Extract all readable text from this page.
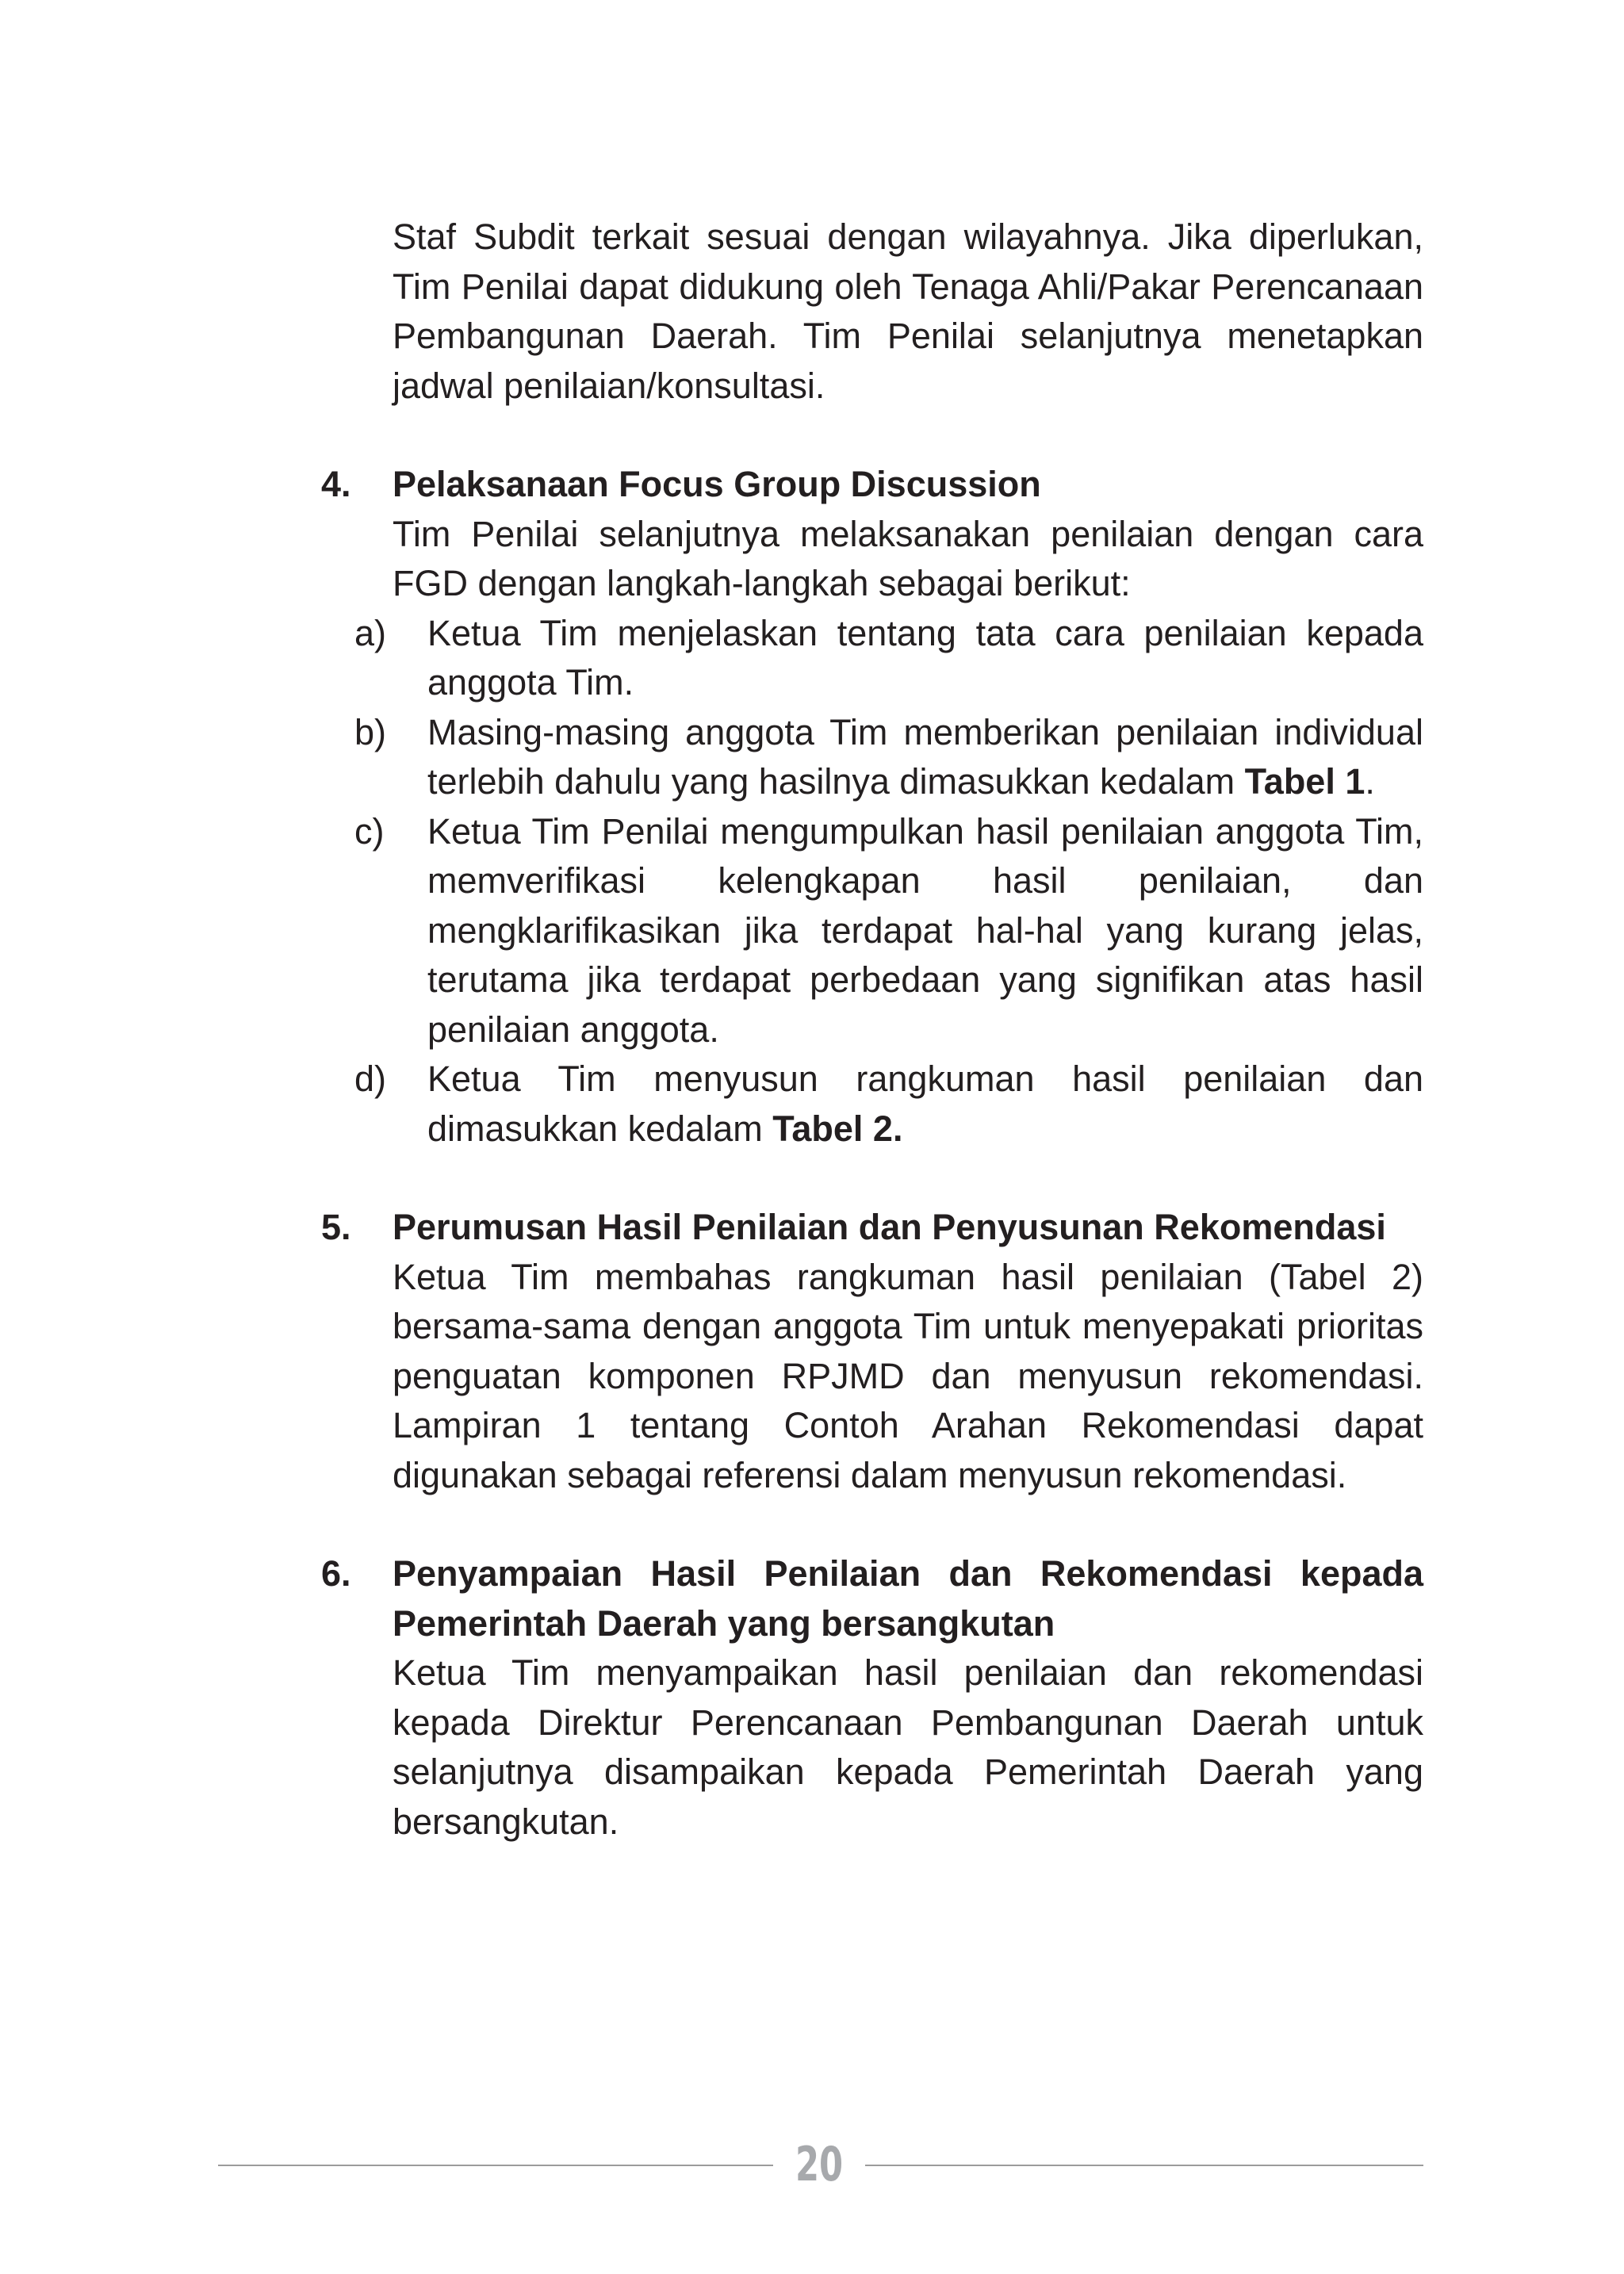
Staf Subdit terkait sesuai dengan wilayahnya. Jika diperlukan, Tim Penilai dapat didukung oleh Tenaga Ahli/Pakar Perencanaan Pembangunan Daerah. Tim Penilai selanjutnya menetapkan jadwal penilaian/konsultasi.

4. Pelaksanaan Focus Group Discussion
Tim Penilai selanjutnya melaksanakan penilaian dengan cara FGD dengan langkah-langkah sebagai berikut:
a) Ketua Tim menjelaskan tentang tata cara penilaian kepada anggota Tim.
b) Masing-masing anggota Tim memberikan penilaian individual terlebih dahulu yang hasilnya dimasukkan kedalam Tabel 1.
c) Ketua Tim Penilai mengumpulkan hasil penilaian anggota Tim, memverifikasi kelengkapan hasil penilaian, dan mengklarifikasikan jika terdapat hal-hal yang kurang jelas, terutama jika terdapat perbedaan yang signifikan atas hasil penilaian anggota.
d) Ketua Tim menyusun rangkuman hasil penilaian dan dimasukkan kedalam Tabel 2.
5. Perumusan Hasil Penilaian dan Penyusunan Rekomendasi
Ketua Tim membahas rangkuman hasil penilaian (Tabel 2) bersama-sama dengan anggota Tim untuk menyepakati prioritas penguatan komponen RPJMD dan menyusun rekomendasi. Lampiran 1 tentang Contoh Arahan Rekomendasi dapat digunakan sebagai referensi dalam menyusun rekomendasi.
6. Penyampaian Hasil Penilaian dan Rekomendasi kepada Pemerintah Daerah yang bersangkutan
Ketua Tim menyampaikan hasil penilaian dan rekomendasi kepada Direktur Perencanaan Pembangunan Daerah untuk selanjutnya disampaikan kepada Pemerintah Daerah yang bersangkutan.
20
